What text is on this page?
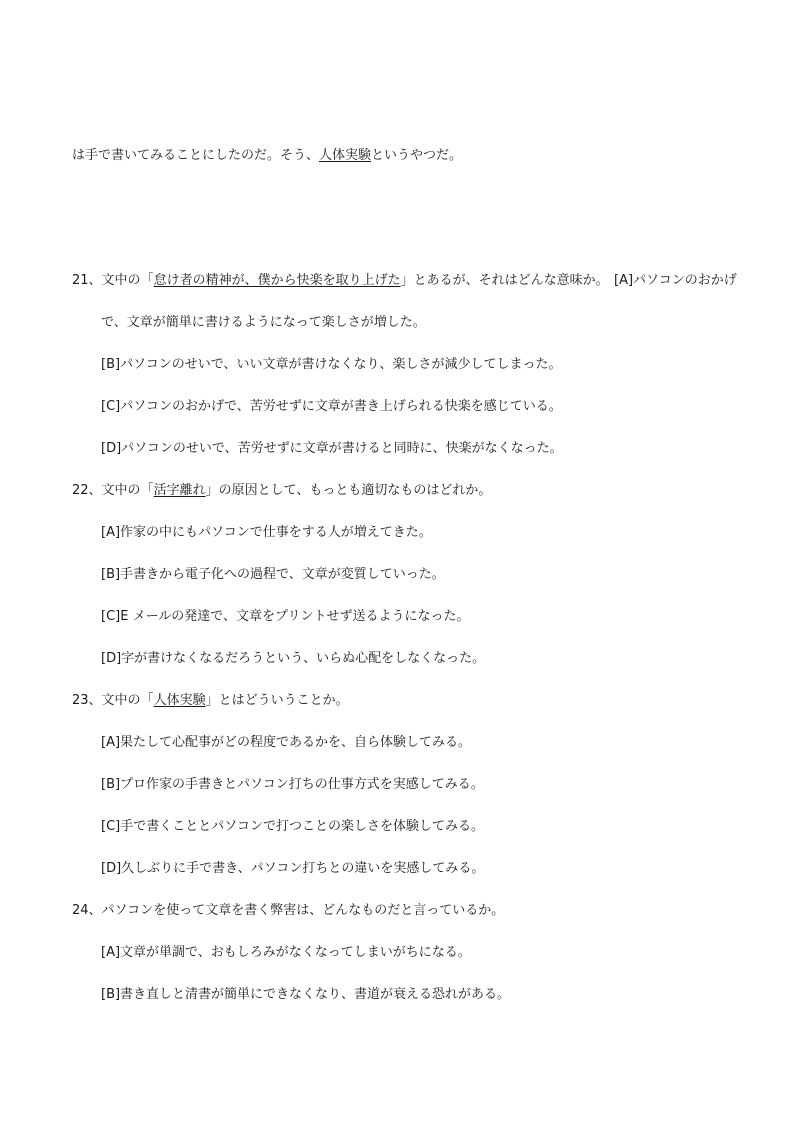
は手で書いてみることにしたのだ。そう、人体実験というやつだ。
21、文中の「怠け者の精神が、僕から快楽を取り上げた」とあるが、それはどんな意味か。 [A]パソコンのおかげ
で、文章が簡単に書けるようになって楽しさが増した。
[B]パソコンのせいで、いい文章が書けなくなり、楽しさが減少してしまった。
[C]パソコンのおかげで、苦労せずに文章が書き上げられる快楽を感じている。
[D]パソコンのせいで、苦労せずに文章が書けると同時に、快楽がなくなった。
22、文中の「活字離れ」の原因として、もっとも適切なものはどれか。
[A]作家の中にもパソコンで仕事をする人が増えてきた。
[B]手書きから電子化への過程で、文章が変質していった。
[C]E メールの発達で、文章をプリントせず送るようになった。
[D]字が書けなくなるだろうという、いらぬ心配をしなくなった。
23、文中の「人体実験」とはどういうことか。
[A]果たして心配事がどの程度であるかを、自ら体験してみる。
[B]プロ作家の手書きとパソコン打ちの仕事方式を実感してみる。
[C]手で書くこととパソコンで打つことの楽しさを体験してみる。
[D]久しぶりに手で書き、パソコン打ちとの違いを実感してみる。
24、パソコンを使って文章を書く弊害は、どんなものだと言っているか。
[A]文章が単調で、おもしろみがなくなってしまいがちになる。
[B]書き直しと清書が簡単にできなくなり、書道が衰える恐れがある。
